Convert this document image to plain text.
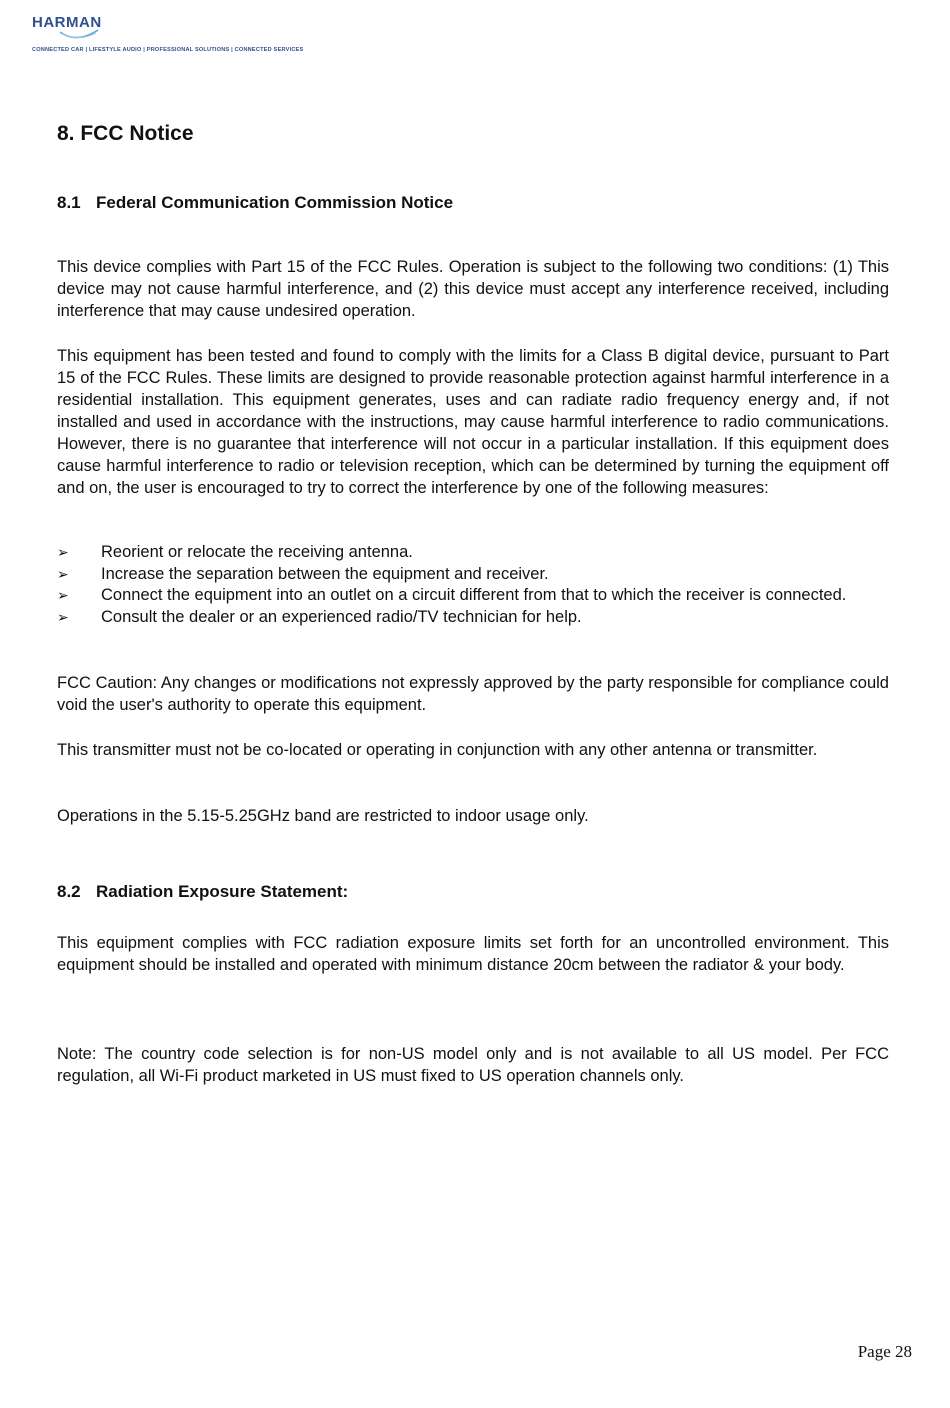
HARMAN
CONNECTED CAR | LIFESTYLE AUDIO | PROFESSIONAL SOLUTIONS | CONNECTED SERVICES
8. FCC Notice
8.1 Federal Communication Commission Notice

This device complies with Part 15 of the FCC Rules. Operation is subject to the following two conditions: (1) This device may not cause harmful interference, and (2) this device must accept any interference received, including interference that may cause undesired operation.

This equipment has been tested and found to comply with the limits for a Class B digital device, pursuant to Part 15 of the FCC Rules. These limits are designed to provide reasonable protection against harmful interference in a residential installation. This equipment generates, uses and can radiate radio frequency energy and, if not installed and used in accordance with the instructions, may cause harmful interference to radio communications. However, there is no guarantee that interference will not occur in a particular installation. If this equipment does cause harmful interference to radio or television reception, which can be determined by turning the equipment off and on, the user is encouraged to try to correct the interference by one of the following measures:

➢ Reorient or relocate the receiving antenna.
➢ Increase the separation between the equipment and receiver.
➢ Connect the equipment into an outlet on a circuit different from that to which the receiver is connected.
➢ Consult the dealer or an experienced radio/TV technician for help.

FCC Caution: Any changes or modifications not expressly approved by the party responsible for compliance could void the user's authority to operate this equipment.

This transmitter must not be co-located or operating in conjunction with any other antenna or transmitter.

Operations in the 5.15-5.25GHz band are restricted to indoor usage only.

8.2 Radiation Exposure Statement:

This equipment complies with FCC radiation exposure limits set forth for an uncontrolled environment. This equipment should be installed and operated with minimum distance 20cm between the radiator & your body.

Note: The country code selection is for non-US model only and is not available to all US model. Per FCC regulation, all Wi-Fi product marketed in US must fixed to US operation channels only.

Page 28
